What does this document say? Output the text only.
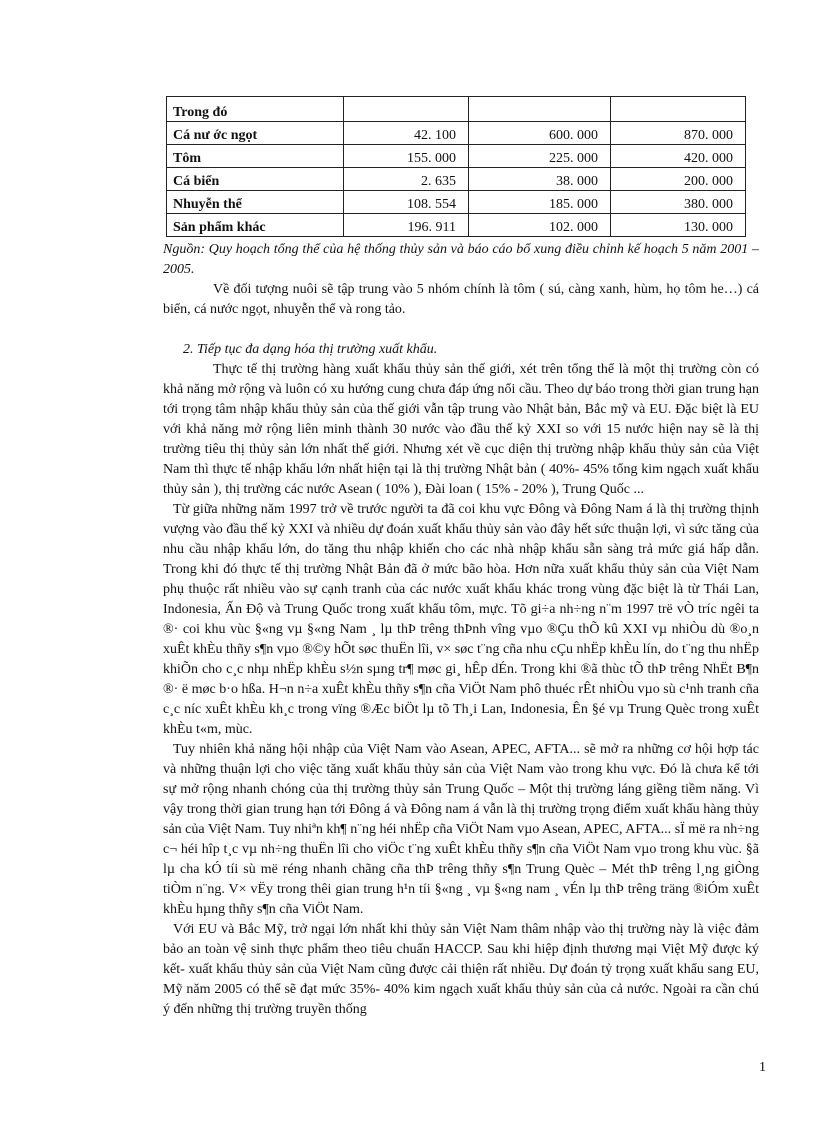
Trong đó			
Cá nư ớc ngọt	42. 100	600. 000	870. 000
Tôm	155. 000	225. 000	420. 000
Cá biển	2. 635	38. 000	200. 000
Nhuyễn thể	108. 554	185. 000	380. 000
Sản phẩm khác	196. 911	102. 000	130. 000

Nguồn: Quy hoạch tổng thể của hệ thống thủy sản và báo cáo bổ xung điều chỉnh kế hoạch 5 năm 2001 – 2005.

Về đối tượng nuôi sẽ tập trung vào 5 nhóm chính là tôm ( sú, càng xanh, hùm, họ tôm he…) cá biển, cá nước ngọt, nhuyễn thể và rong tảo.

2. Tiếp tục đa dạng hóa thị trường xuất khẩu.

Thực tế thị trường hàng xuất khẩu thủy sản thế giới, xét trên tổng thể là một thị trường còn có khả năng mở rộng và luôn có xu hướng cung chưa đáp ứng nổi cầu. Theo dự báo trong thời gian trung hạn tới trọng tâm nhập khẩu thủy sản của thế giới vẫn tập trung vào Nhật bản, Bắc mỹ và EU. Đặc biệt là EU với khả năng mở rộng liên minh thành 30 nước vào đầu thế kỷ XXI so với 15 nước hiện nay sẽ là thị trường tiêu thị thủy sản lớn nhất thế giới. Nhưng xét về cục diện thị trường nhập khẩu thủy sản của Việt Nam thì thực tế nhập khẩu lớn nhất hiện tại là thị trường Nhật bản ( 40%- 45% tổng kim ngạch xuất khẩu thủy sản ), thị trường các nước Asean ( 10% ), Đài loan ( 15% - 20% ), Trung Quốc ...

Từ giữa những năm 1997 trở về trước người ta đã coi khu vực Đông và Đông Nam á là thị trường thịnh vượng vào đầu thế kỷ XXI và nhiều dự đoán xuất khẩu thủy sản vào đây hết sức thuận lợi, vì sức tăng của nhu cầu nhập khẩu lớn, do tăng thu nhập khiến cho các nhà nhập khẩu sẵn sàng trả mức giá hấp dẫn. Trong khi đó thực tế thị trường Nhật Bản đã ở mức bão hòa. Hơn nữa xuất khẩu thủy sản của Việt Nam phụ thuộc rất nhiều vào sự cạnh tranh của các nước xuất khẩu khác trong vùng đặc biệt là từ Thái Lan, Indonesia, Ấn Độ và Trung Quốc trong xuất khẩu tôm, mực. Tõ gi÷a nh÷ng n¨m 1997 trë vÒ tríc ngêi ta ®· coi khu vùc §«ng vµ §«ng Nam ¸ lµ thÞ trêng thÞnh vîng vµo ®Çu thÕ kû XXI vµ nhiÒu dù ®o¸n xuÊt khÈu thñy s¶n vµo ®©y hÕt søc thuËn lîi, v× søc t¨ng cña nhu cÇu nhËp khÈu lín, do t¨ng thu nhËp khiÕn cho c¸c nhµ nhËp khÈu s½n sµng tr¶ møc gi¸ hÊp dÉn. Trong khi ®ã thùc tÕ thÞ trêng NhËt B¶n ®· ë møc b·o hßa. H¬n n÷a xuÊt khÈu thñy s¶n cña ViÖt Nam phô thuéc rÊt nhiÒu vµo sù c¹nh tranh cña c¸c níc xuÊt khÈu kh¸c trong vïng ®Æc biÖt lµ tõ Th¸i Lan, Indonesia, Ên §é vµ Trung Quèc trong xuÊt khÈu t«m, mùc.

Tuy nhiên khả năng hội nhập của Việt Nam vào Asean, APEC, AFTA... sẽ mở ra những cơ hội hợp tác và những thuận lợi cho việc tăng xuất khẩu thủy sản của Việt Nam vào trong khu vực. Đó là chưa kể tới sự mở rộng nhanh chóng của thị trường thủy sản Trung Quốc – Một thị trường láng giềng tiềm năng. Vì vậy trong thời gian trung hạn tới Đông á và Đông nam á vẫn là thị trường trọng điểm xuất khẩu hàng thủy sản của Việt Nam. Tuy nhiªn kh¶ n¨ng héi nhËp cña ViÖt Nam vµo Asean, APEC, AFTA... sÏ më ra nh÷ng c¬ héi hîp t¸c vµ nh÷ng thuËn lîi cho viÖc t¨ng xuÊt khÈu thñy s¶n cña ViÖt Nam vµo trong khu vùc. §ã lµ cha kÓ tíi sù më réng nhanh chãng cña thÞ trêng thñy s¶n Trung Quèc – Mét thÞ trêng l¸ng giÒng tiÒm n¨ng. V× vËy trong thêi gian trung h¹n tíi §«ng ¸ vµ §«ng nam ¸ vÉn lµ thÞ trêng träng ®iÓm xuÊt khÈu hµng thñy s¶n cña ViÖt Nam.

Với EU và Bắc Mỹ, trở ngại lớn nhất khi thủy sản Việt Nam thâm nhập vào thị trường này là việc đảm bảo an toàn vệ sinh thực phẩm theo tiêu chuẩn HACCP. Sau khi hiệp định thương mại Việt Mỹ được ký kết- xuất khẩu thủy sản của Việt Nam cũng được cải thiện rất nhiều. Dự đoán tỷ trọng xuất khẩu sang EU, Mỹ năm 2005 có thể sẽ đạt mức 35%- 40% kim ngạch xuất khẩu thủy sản của cả nước. Ngoài ra cần chú ý đến những thị trường truyền thống

1
